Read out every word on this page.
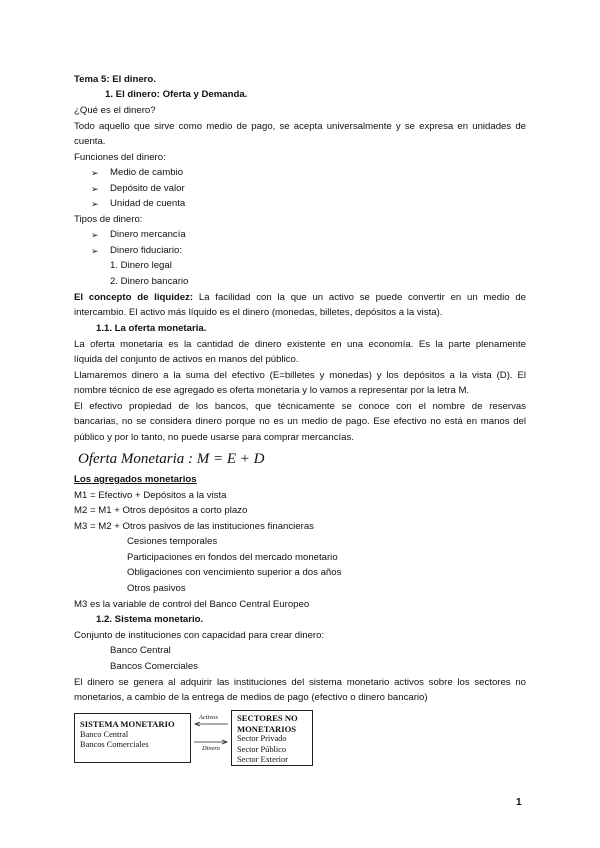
Tema 5: El dinero.
1. El dinero: Oferta y Demanda.
¿Qué es el dinero?
Todo aquello que sirve como medio de pago, se acepta universalmente y se expresa en unidades de
cuenta.
Funciones del dinero:
➢ Medio de cambio
➢ Depósito de valor
➢ Unidad de cuenta
Tipos de dinero:
➢ Dinero mercancía
➢ Dinero fiduciario:
1. Dinero legal
2. Dinero bancario
El concepto de liquidez: La facilidad con la que un activo se puede convertir en un medio de
intercambio. El activo más líquido es el dinero (monedas, billetes, depósitos a la vista).
1.1. La oferta monetaria.
La oferta monetaria es la cantidad de dinero existente en una economía. Es la parte plenamente
líquida del conjunto de activos en manos del público.
Llamaremos dinero a la suma del efectivo (E=billetes y monedas) y los depósitos a la vista (D). El
nombre técnico de ese agregado es oferta monetaria y lo vamos a representar por la letra M.
El efectivo propiedad de los bancos, que técnicamente se conoce con el nombre de reservas
bancarias, no se considera dinero porque no es un medio de pago. Ese efectivo no está en manos del
público y por lo tanto, no puede usarse para comprar mercancías.
Oferta Monetaria : M = E + D
Los agregados monetarios
M1 = Efectivo + Depósitos a la vista
M2 = M1 + Otros depósitos a corto plazo
M3 = M2 + Otros pasivos de las instituciones financieras
Cesiones temporales
Participaciones en fondos del mercado monetario
Obligaciones con vencimiento superior a dos años
Otros pasivos
M3 es la variable de control del Banco Central Europeo
1.2. Sistema monetario.
Conjunto de instituciones con capacidad para crear dinero:
Banco Central
Bancos Comerciales
El dinero se genera al adquirir las instituciones del sistema monetario activos sobre los sectores no
monetarios, a cambio de la entrega de medios de pago (efectivo o dinero bancario)
SISTEMA MONETARIO
Banco Central
Bancos Comerciales
Activos
Dinero
SECTORES NO
MONETARIOS
Sector Privado
Sector Público
Sector Exterior
1
